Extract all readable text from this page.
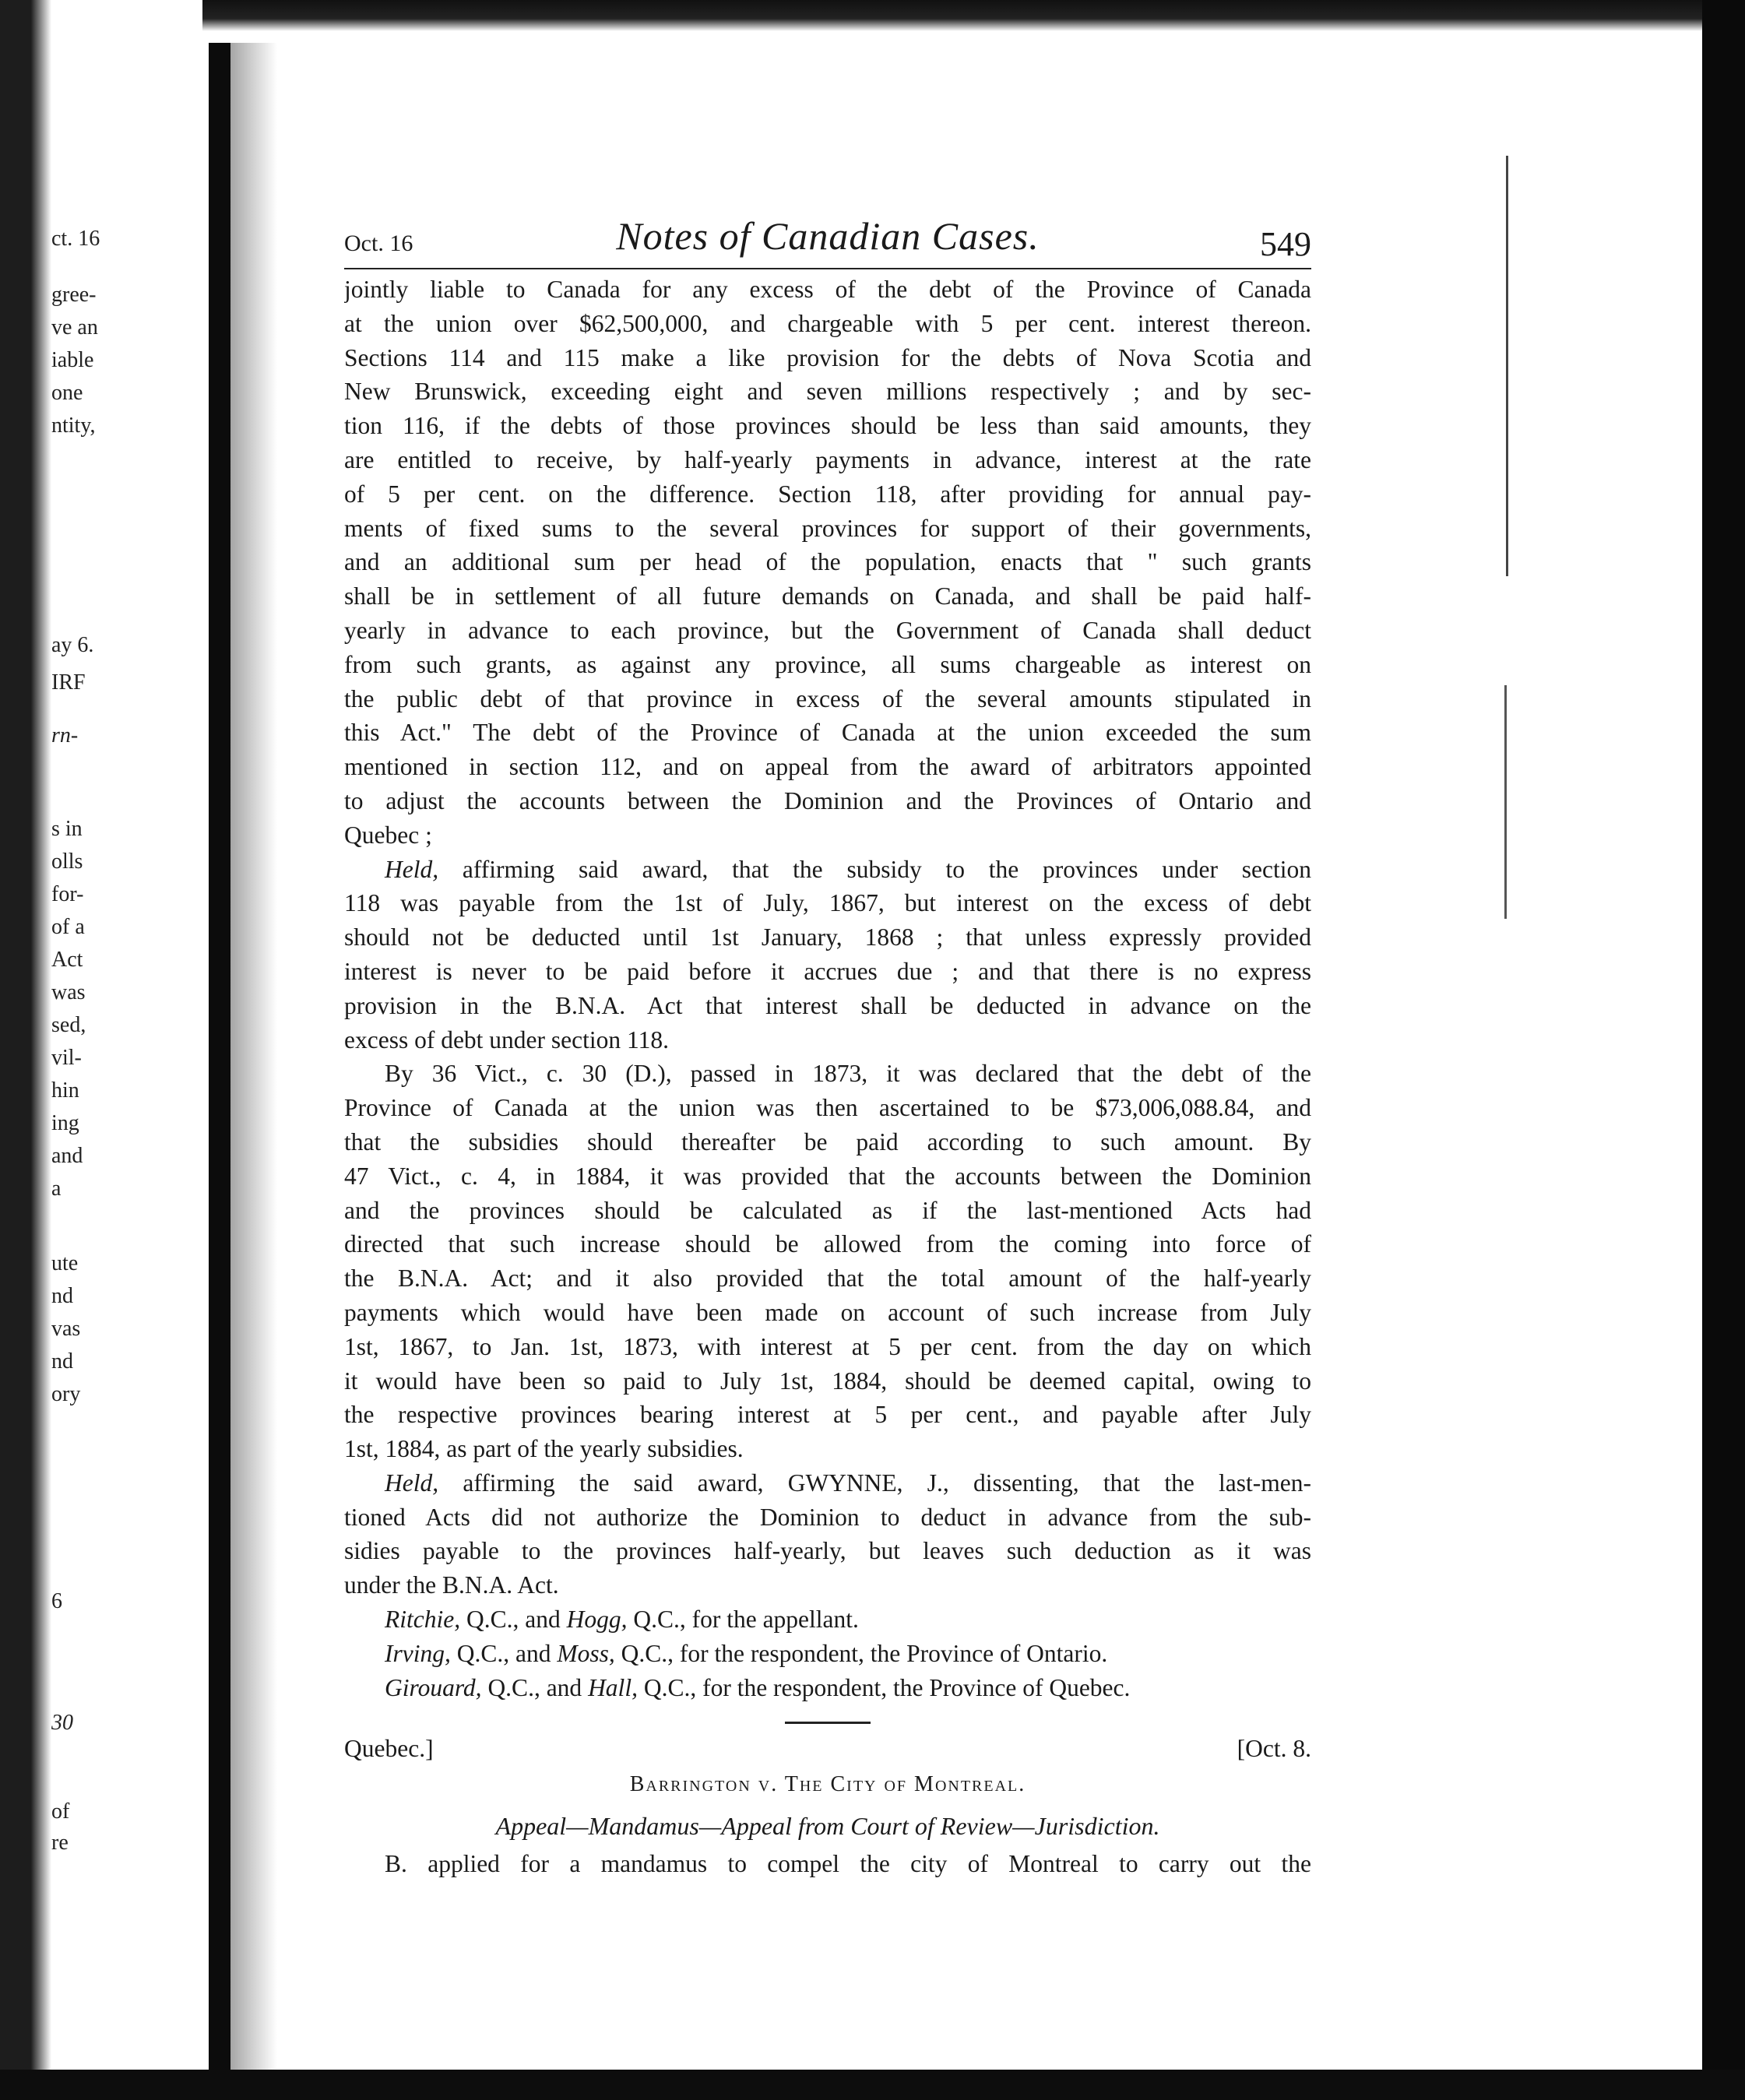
ct. 16
gree-
ve an
iable
one
ntity,
ay 6.
IRF
rn-
s in
olls
for-
of a
Act
was
sed,
vil-
hin
ing
and
a
ute
nd
vas
nd
ory
6
30
of
re
Oct. 16	Notes of Canadian Cases.	549
jointly liable to Canada for any excess of the debt of the Province of Canada
at the union over $62,500,000, and chargeable with 5 per cent. interest thereon.
Sections 114 and 115 make a like provision for the debts of Nova Scotia and
New Brunswick, exceeding eight and seven millions respectively ; and by sec-
tion 116, if the debts of those provinces should be less than said amounts, they
are entitled to receive, by half-yearly payments in advance, interest at the rate
of 5 per cent. on the difference. Section 118, after providing for annual pay-
ments of fixed sums to the several provinces for support of their governments,
and an additional sum per head of the population, enacts that " such grants
shall be in settlement of all future demands on Canada, and shall be paid half-
yearly in advance to each province, but the Government of Canada shall deduct
from such grants, as against any province, all sums chargeable as interest on
the public debt of that province in excess of the several amounts stipulated in
this Act." The debt of the Province of Canada at the union exceeded the sum
mentioned in section 112, and on appeal from the award of arbitrators appointed
to adjust the accounts between the Dominion and the Provinces of Ontario and
Quebec ;
Held, affirming said award, that the subsidy to the provinces under section
118 was payable from the 1st of July, 1867, but interest on the excess of debt
should not be deducted until 1st January, 1868 ; that unless expressly provided
interest is never to be paid before it accrues due ; and that there is no express
provision in the B.N.A. Act that interest shall be deducted in advance on the
excess of debt under section 118.
By 36 Vict., c. 30 (D.), passed in 1873, it was declared that the debt of the
Province of Canada at the union was then ascertained to be $73,006,088.84, and
that the subsidies should thereafter be paid according to such amount. By
47 Vict., c. 4, in 1884, it was provided that the accounts between the Dominion
and the provinces should be calculated as if the last-mentioned Acts had
directed that such increase should be allowed from the coming into force of
the B.N.A. Act; and it also provided that the total amount of the half-yearly
payments which would have been made on account of such increase from July
1st, 1867, to Jan. 1st, 1873, with interest at 5 per cent. from the day on which
it would have been so paid to July 1st, 1884, should be deemed capital, owing to
the respective provinces bearing interest at 5 per cent., and payable after July
1st, 1884, as part of the yearly subsidies.
Held, affirming the said award, GWYNNE, J., dissenting, that the last-men-
tioned Acts did not authorize the Dominion to deduct in advance from the sub-
sidies payable to the provinces half-yearly, but leaves such deduction as it was
under the B.N.A. Act.
Ritchie, Q.C., and Hogg, Q.C., for the appellant.
Irving, Q.C., and Moss, Q.C., for the respondent, the Province of Ontario.
Girouard, Q.C., and Hall, Q.C., for the respondent, the Province of Quebec.
Quebec.]	[Oct. 8.
Barrington v. The City of Montreal.
Appeal—Mandamus—Appeal from Court of Review—Jurisdiction.
B. applied for a mandamus to compel the city of Montreal to carry out the
